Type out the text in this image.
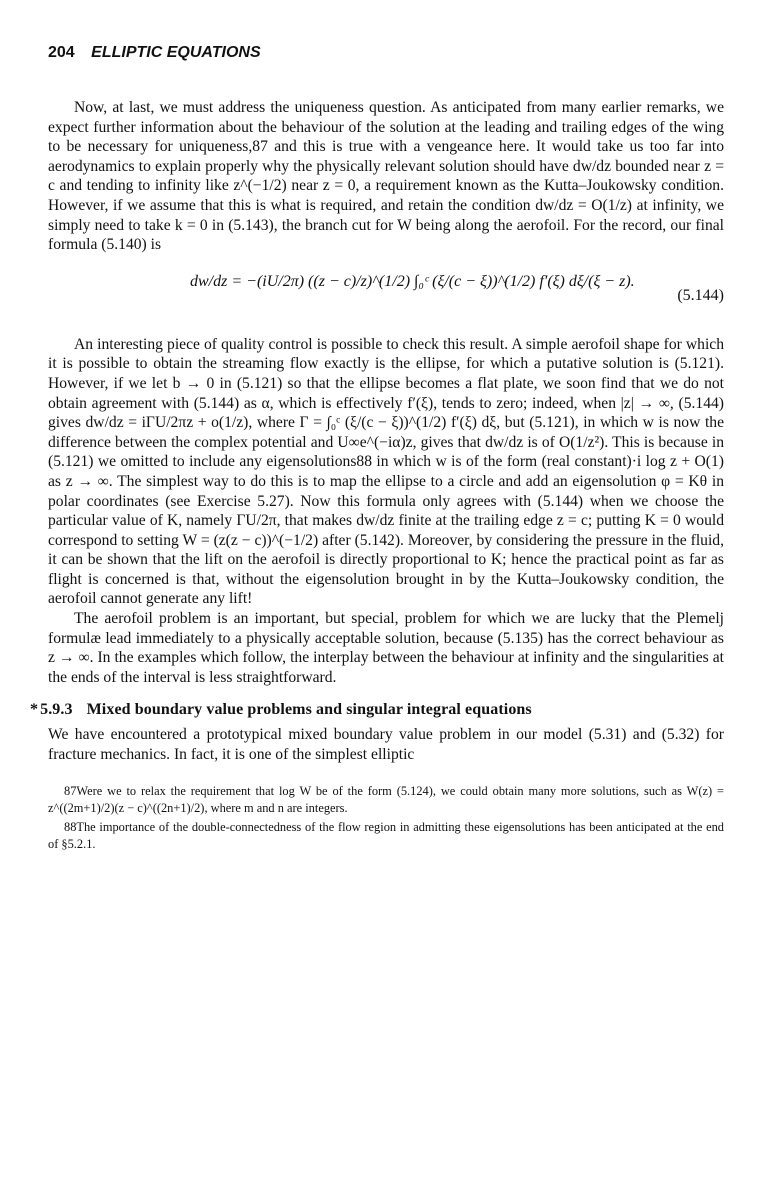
204 ELLIPTIC EQUATIONS

Now, at last, we must address the uniqueness question. As anticipated from many earlier remarks, we expect further information about the behaviour of the solution at the leading and trailing edges of the wing to be necessary for uniqueness,87 and this is true with a vengeance here. It would take us too far into aerodynamics to explain properly why the physically relevant solution should have dw/dz bounded near z = c and tending to infinity like z^(−1/2) near z = 0, a requirement known as the Kutta–Joukowsky condition. However, if we assume that this is what is required, and retain the condition dw/dz = O(1/z) at infinity, we simply need to take k = 0 in (5.143), the branch cut for W being along the aerofoil. For the record, our final formula (5.140) is

dw/dz = −(iU/2π) ((z − c)/z)^(1/2) ∫₀ᶜ (ξ/(c − ξ))^(1/2) f′(ξ) dξ/(ξ − z).
(5.144)

An interesting piece of quality control is possible to check this result. A simple aerofoil shape for which it is possible to obtain the streaming flow exactly is the ellipse, for which a putative solution is (5.121). However, if we let b → 0 in (5.121) so that the ellipse becomes a flat plate, we soon find that we do not obtain agreement with (5.144) as α, which is effectively f′(ξ), tends to zero; indeed, when |z| → ∞, (5.144) gives dw/dz = iΓU/2πz + o(1/z), where Γ = ∫₀ᶜ (ξ/(c − ξ))^(1/2) f′(ξ) dξ, but (5.121), in which w is now the difference between the complex potential and U∞e^(−iα)z, gives that dw/dz is of O(1/z²). This is because in (5.121) we omitted to include any eigensolutions88 in which w is of the form (real constant)·i log z + O(1) as z → ∞. The simplest way to do this is to map the ellipse to a circle and add an eigensolution φ = Kθ in polar coordinates (see Exercise 5.27). Now this formula only agrees with (5.144) when we choose the particular value of K, namely ΓU/2π, that makes dw/dz finite at the trailing edge z = c; putting K = 0 would correspond to setting W = (z(z − c))^(−1/2) after (5.142). Moreover, by considering the pressure in the fluid, it can be shown that the lift on the aerofoil is directly proportional to K; hence the practical point as far as flight is concerned is that, without the eigensolution brought in by the Kutta–Joukowsky condition, the aerofoil cannot generate any lift!

The aerofoil problem is an important, but special, problem for which we are lucky that the Plemelj formulæ lead immediately to a physically acceptable solution, because (5.135) has the correct behaviour as z → ∞. In the examples which follow, the interplay between the behaviour at infinity and the singularities at the ends of the interval is less straightforward.

* 5.9.3 Mixed boundary value problems and singular integral equations

We have encountered a prototypical mixed boundary value problem in our model (5.31) and (5.32) for fracture mechanics. In fact, it is one of the simplest elliptic

87Were we to relax the requirement that log W be of the form (5.124), we could obtain many more solutions, such as W(z) = z^((2m+1)/2)(z − c)^((2n+1)/2), where m and n are integers.

88The importance of the double-connectedness of the flow region in admitting these eigensolutions has been anticipated at the end of §5.2.1.
